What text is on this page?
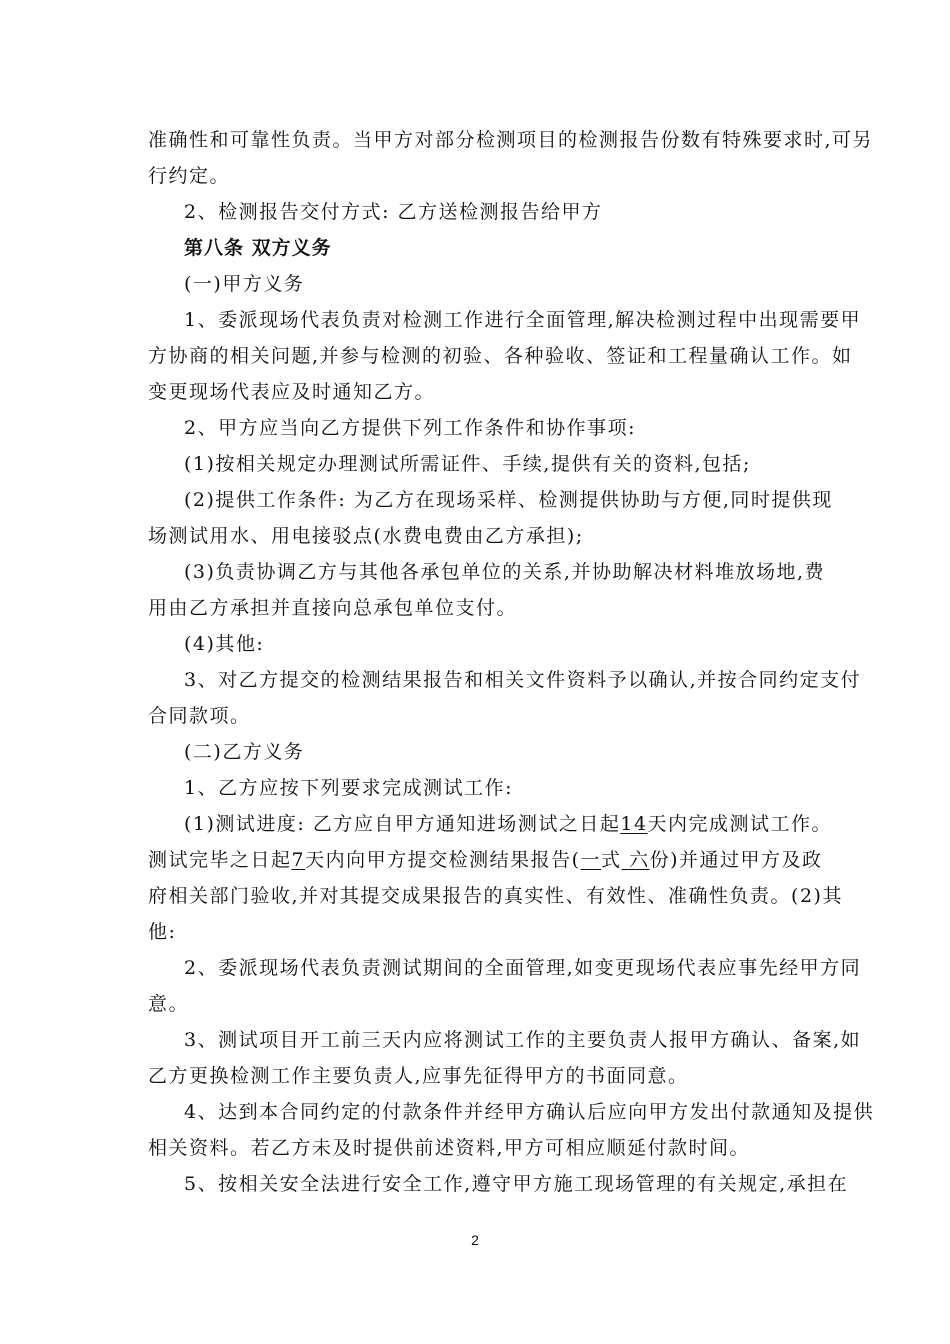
准确性和可靠性负责。当甲方对部分检测项目的检测报告份数有特殊要求时,可另
行约定。
2、检测报告交付方式: 乙方送检测报告给甲方
第八条 双方义务
(一)甲方义务
1、委派现场代表负责对检测工作进行全面管理,解决检测过程中出现需要甲
方协商的相关问题,并参与检测的初验、各种验收、签证和工程量确认工作。如
变更现场代表应及时通知乙方。
2、甲方应当向乙方提供下列工作条件和协作事项:
(1)按相关规定办理测试所需证件、手续,提供有关的资料,包括;
(2)提供工作条件: 为乙方在现场采样、检测提供协助与方便,同时提供现
场测试用水、用电接驳点(水费电费由乙方承担);
(3)负责协调乙方与其他各承包单位的关系,并协助解决材料堆放场地,费
用由乙方承担并直接向总承包单位支付。
(4)其他:
3、对乙方提交的检测结果报告和相关文件资料予以确认,并按合同约定支付
合同款项。
(二)乙方义务
1、乙方应按下列要求完成测试工作:
(1)测试进度: 乙方应自甲方通知进场测试之日起14天内完成测试工作。
测试完毕之日起7天内向甲方提交检测结果报告(一式 六份)并通过甲方及政
府相关部门验收,并对其提交成果报告的真实性、有效性、准确性负责。(2)其
他:
2、委派现场代表负责测试期间的全面管理,如变更现场代表应事先经甲方同
意。
3、测试项目开工前三天内应将测试工作的主要负责人报甲方确认、备案,如
乙方更换检测工作主要负责人,应事先征得甲方的书面同意。
4、达到本合同约定的付款条件并经甲方确认后应向甲方发出付款通知及提供
相关资料。若乙方未及时提供前述资料,甲方可相应顺延付款时间。
5、按相关安全法进行安全工作,遵守甲方施工现场管理的有关规定,承担在
2
